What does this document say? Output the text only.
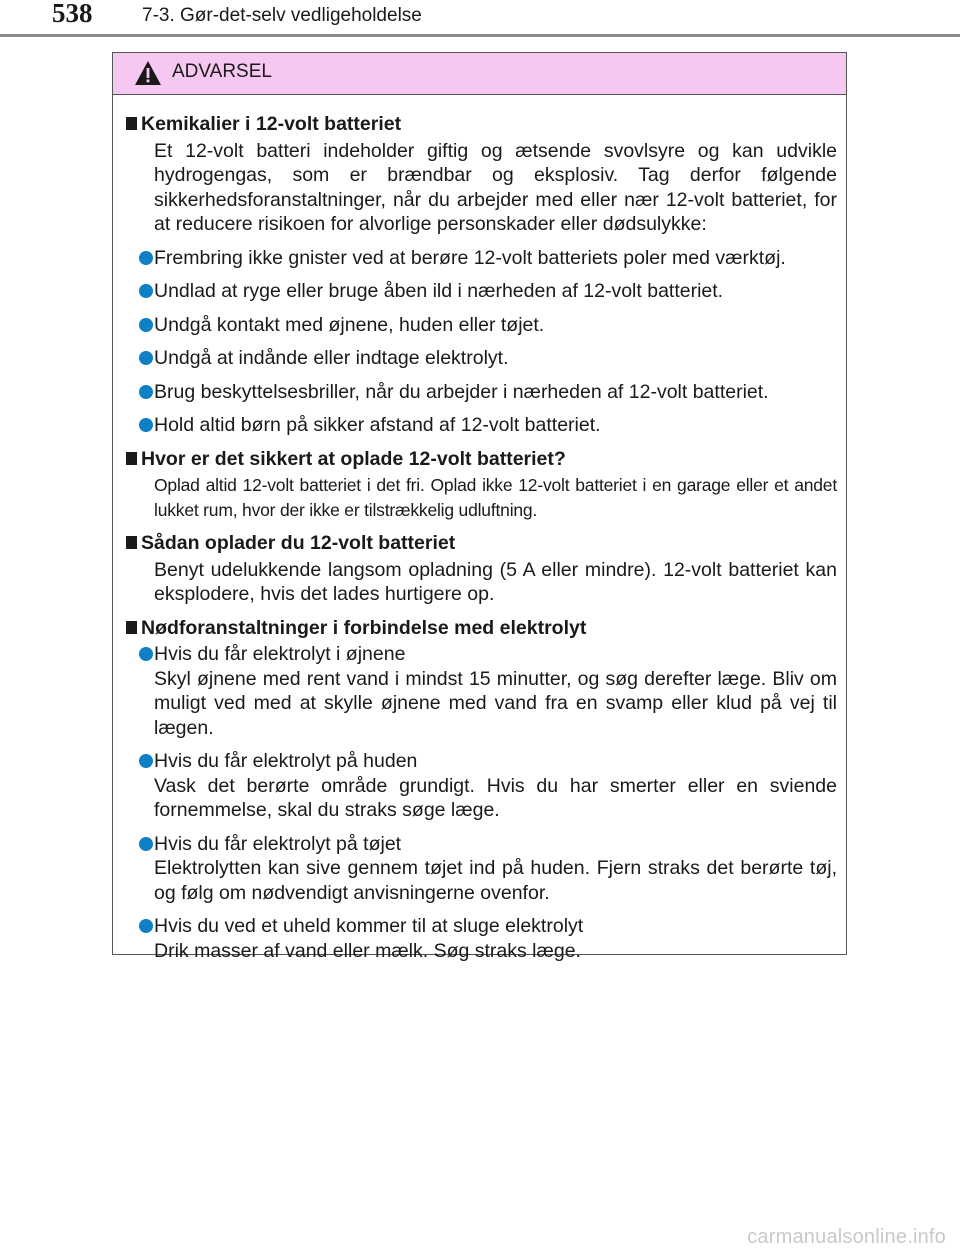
538	7-3. Gør-det-selv vedligeholdelse
ADVARSEL
Kemikalier i 12-volt batteriet
Et 12-volt batteri indeholder giftig og ætsende svovlsyre og kan udvikle hydrogengas, som er brændbar og eksplosiv. Tag derfor følgende sikkerhedsforanstaltninger, når du arbejder med eller nær 12-volt batteriet, for at reducere risikoen for alvorlige personskader eller dødsulykke:
Frembring ikke gnister ved at berøre 12-volt batteriets poler med værktøj.
Undlad at ryge eller bruge åben ild i nærheden af 12-volt batteriet.
Undgå kontakt med øjnene, huden eller tøjet.
Undgå at indånde eller indtage elektrolyt.
Brug beskyttelsesbriller, når du arbejder i nærheden af 12-volt batteriet.
Hold altid børn på sikker afstand af 12-volt batteriet.
Hvor er det sikkert at oplade 12-volt batteriet?
Oplad altid 12-volt batteriet i det fri. Oplad ikke 12-volt batteriet i en garage eller et andet lukket rum, hvor der ikke er tilstrækkelig udluftning.
Sådan oplader du 12-volt batteriet
Benyt udelukkende langsom opladning (5 A eller mindre). 12-volt batteriet kan eksplodere, hvis det lades hurtigere op.
Nødforanstaltninger i forbindelse med elektrolyt
Hvis du får elektrolyt i øjnene
Skyl øjnene med rent vand i mindst 15 minutter, og søg derefter læge. Bliv om muligt ved med at skylle øjnene med vand fra en svamp eller klud på vej til lægen.
Hvis du får elektrolyt på huden
Vask det berørte område grundigt. Hvis du har smerter eller en sviende fornemmelse, skal du straks søge læge.
Hvis du får elektrolyt på tøjet
Elektrolytten kan sive gennem tøjet ind på huden. Fjern straks det berørte tøj, og følg om nødvendigt anvisningerne ovenfor.
Hvis du ved et uheld kommer til at sluge elektrolyt
Drik masser af vand eller mælk. Søg straks læge.
carmanualsonline.info
